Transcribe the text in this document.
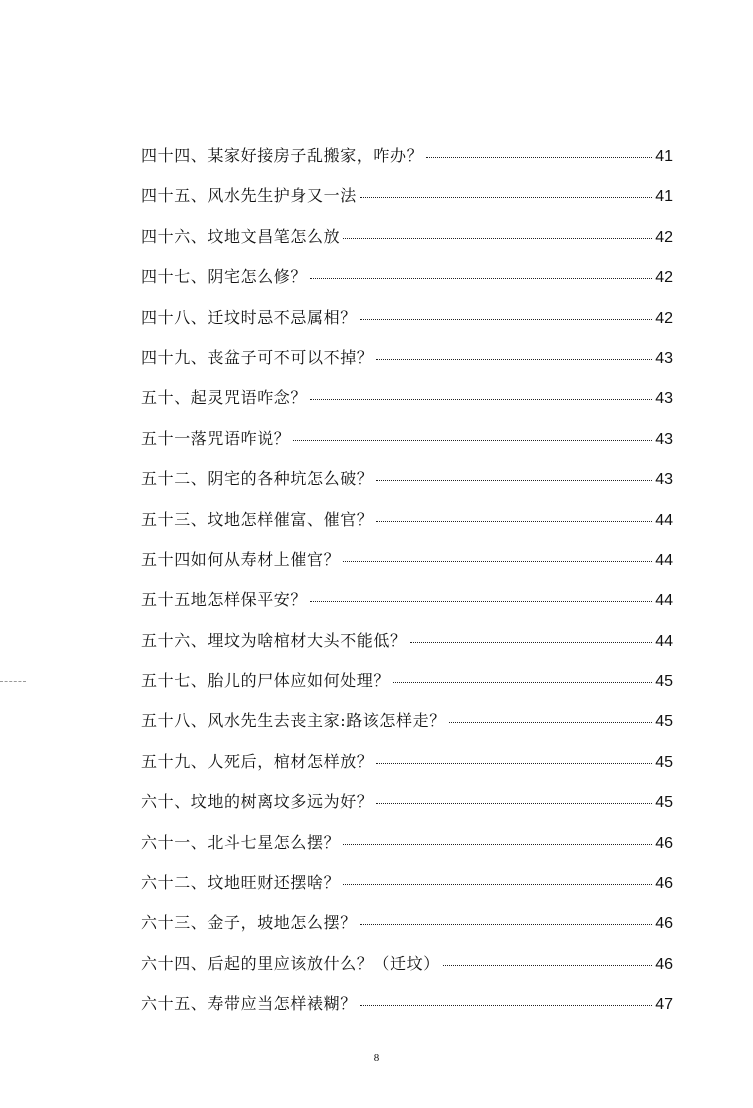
四十四、某家好接房子乱搬家，咋办？	41
四十五、风水先生护身又一法	41
四十六、坟地文昌笔怎么放	42
四十七、阴宅怎么修？	42
四十八、迁坟时忌不忌属相？	42
四十九、丧盆子可不可以不掉？	43
五十、起灵咒语咋念？	43
五十一落咒语咋说？	43
五十二、阴宅的各种坑怎么破？	43
五十三、坟地怎样催富、催官？	44
五十四如何从寿材上催官？	44
五十五地怎样保平安？	44
五十六、埋坟为啥棺材大头不能低？	44
五十七、胎儿的尸体应如何处理？	45
五十八、风水先生去丧主家:路该怎样走？	45
五十九、人死后，棺材怎样放？	45
六十、坟地的树离坟多远为好？	45
六十一、北斗七星怎么摆？	46
六十二、坟地旺财还摆啥？	46
六十三、金子，坡地怎么摆？	46
六十四、后起的里应该放什么？（迁坟）	46
六十五、寿带应当怎样裱糊？	47
8
